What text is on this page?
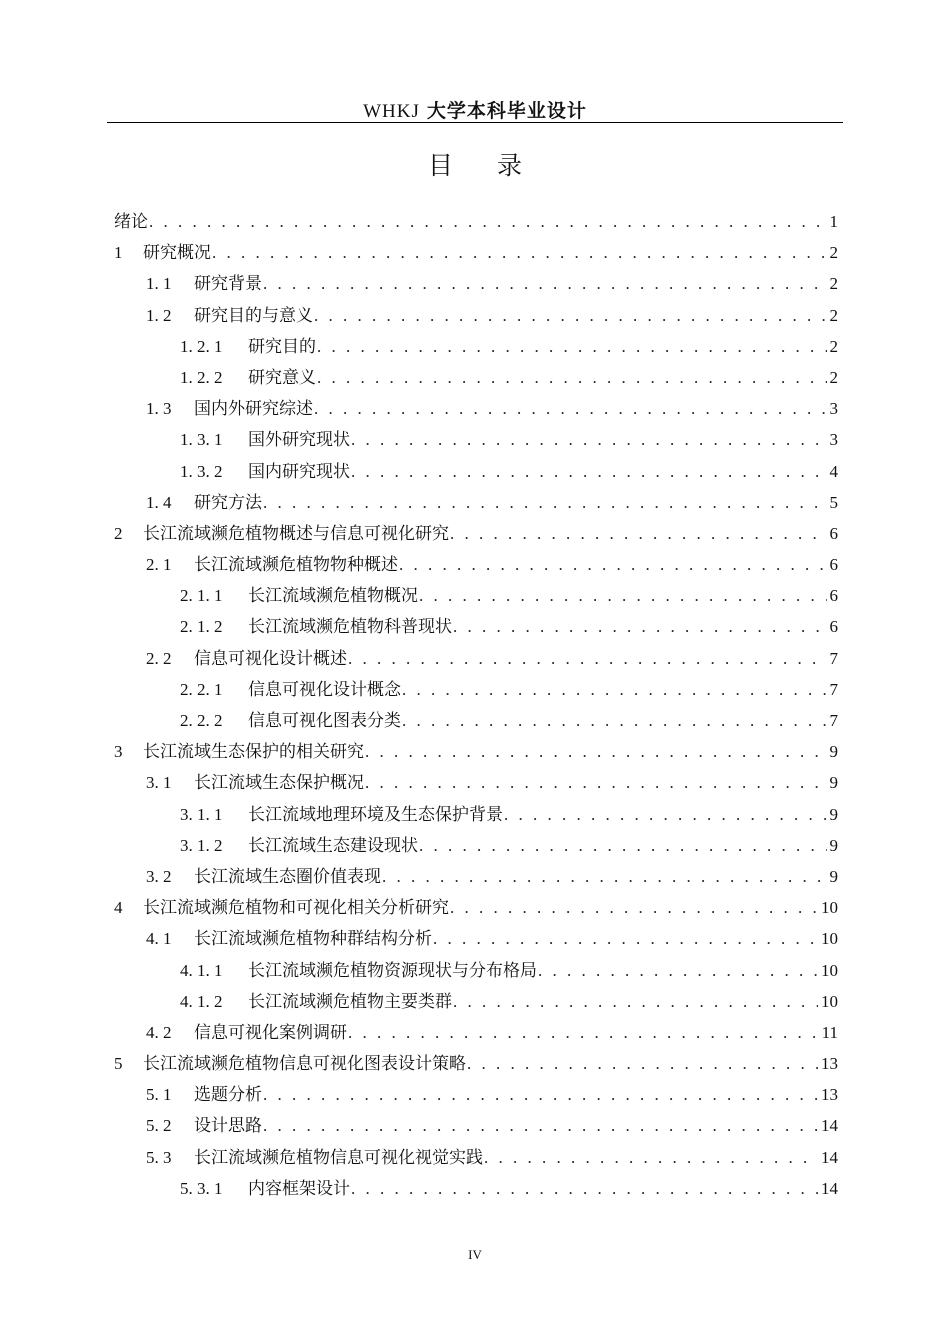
WHKJ 大学本科毕业设计
目 录
绪论 . . .	1
1	研究概况 . . .	2
1. 1	研究背景 . . .	2
1. 2	研究目的与意义 . . .	2
1. 2. 1	研究目的 . . .	2
1. 2. 2	研究意义 . . .	2
1. 3	国内外研究综述 . . .	3
1. 3. 1	国外研究现状 . . .	3
1. 3. 2	国内研究现状 . . .	4
1. 4	研究方法 . . .	5
2	长江流域濒危植物概述与信息可视化研究 . . .	6
2. 1	长江流域濒危植物物种概述 . . .	6
2. 1. 1	长江流域濒危植物概况 . . .	6
2. 1. 2	长江流域濒危植物科普现状 . . .	6
2. 2	信息可视化设计概述 . . .	7
2. 2. 1	信息可视化设计概念 . . .	7
2. 2. 2	信息可视化图表分类 . . .	7
3	长江流域生态保护的相关研究 . . .	9
3. 1	长江流域生态保护概况 . . .	9
3. 1. 1	长江流域地理环境及生态保护背景 . . .	9
3. 1. 2	长江流域生态建设现状 . . .	9
3. 2	长江流域生态圈价值表现 . . .	9
4	长江流域濒危植物和可视化相关分析研究 . . .	10
4. 1	长江流域濒危植物种群结构分析 . . .	10
4. 1. 1	长江流域濒危植物资源现状与分布格局 . . .	10
4. 1. 2	长江流域濒危植物主要类群 . . .	10
4. 2	信息可视化案例调研 . . .	11
5	长江流域濒危植物信息可视化图表设计策略 . . .	13
5. 1	选题分析 . . .	13
5. 2	设计思路 . . .	14
5. 3	长江流域濒危植物信息可视化视觉实践 . . .	14
5. 3. 1	内容框架设计 . . .	14
IV
